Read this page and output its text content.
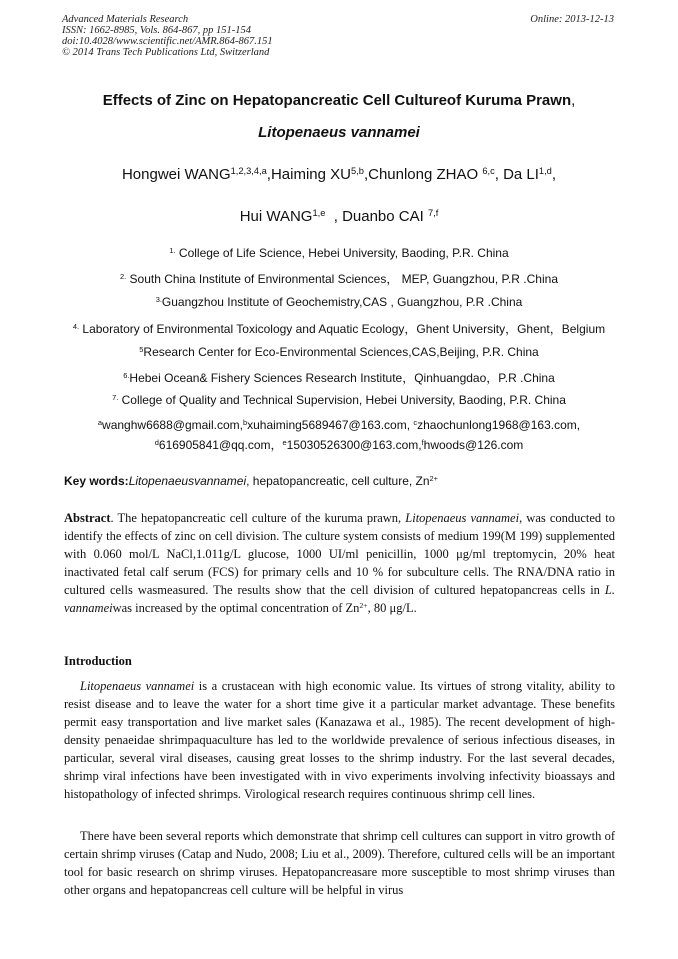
Advanced Materials Research
ISSN: 1662-8985, Vols. 864-867, pp 151-154
doi:10.4028/www.scientific.net/AMR.864-867.151
© 2014 Trans Tech Publications Ltd, Switzerland
Online: 2013-12-13
Effects of Zinc on Hepatopancreatic Cell Cultureof Kuruma Prawn,
Litopenaeus vannamei
Hongwei WANG$^{1,2,3,4,a}$,Haiming XU$^{5,b}$,Chunlong ZHAO $^{6,c}$, Da LI$^{1,d}$,
Hui WANG$^{1,e}$  , Duanbo CAI $^{7,f}$
$^{1.}$ College of Life Science, Hebei University, Baoding, P.R. China
$^{2.}$ South China Institute of Environmental Sciences， MEP, Guangzhou, P.R .China
$^{3.}$Guangzhou Institute of Geochemistry,CAS , Guangzhou, P.R .China
$^{4.}$ Laboratory of Environmental Toxicology and Aquatic Ecology，Ghent University，Ghent，Belgium
$^5$Research Center for Eco-Environmental Sciences,CAS,Beijing, P.R. China
$^{6.}$Hebei Ocean& Fishery Sciences Research Institute，Qinhuangdao，P.R .China
$^{7.}$ College of Quality and Technical Supervision, Hebei University, Baoding, P.R. China
$^a$wanghw6688@gmail.com,$^b$xuhaiming5689467@163.com, $^c$zhaochunlong1968@163.com,
$^d$616905841@qq.com，$^e$15030526300@163.com,$^f$hwoods@126.com
Key words:Litopenaeusvannamei, hepatopancreatic, cell culture, $Zn^{2+}$
Abstract. The hepatopancreatic cell culture of the kuruma prawn, Litopenaeus vannamei, was conducted to identify the effects of zinc on cell division. The culture system consists of medium 199(M 199) supplemented with 0.060 mol/L NaCl,1.011g/L glucose, 1000 UI/ml penicillin, 1000 μg/ml treptomycin, 20% heat inactivated fetal calf serum (FCS) for primary cells and 10 % for subculture cells. The RNA/DNA ratio in cultured cells wasmeasured. The results show that the cell division of cultured hepatopancreas cells in L. vannameiwas increased by the optimal concentration of $Zn^{2+}$, 80 μg/L.
Introduction
Litopenaeus vannamei is a crustacean with high economic value. Its virtues of strong vitality, ability to resist disease and to leave the water for a short time give it a particular market advantage. These benefits permit easy transportation and live market sales (Kanazawa et al., 1985). The recent development of high-density penaeidae shrimpaquaculture has led to the worldwide prevalence of serious infectious diseases, in particular, several viral diseases, causing great losses to the shrimp industry. For the last several decades, shrimp viral infections have been investigated with in vivo experiments involving infectivity bioassays and histopathology of infected shrimps. Virological research requires continuous shrimp cell lines.
There have been several reports which demonstrate that shrimp cell cultures can support in vitro growth of certain shrimp viruses (Catap and Nudo, 2008; Liu et al., 2009). Therefore, cultured cells will be an important tool for basic research on shrimp viruses. Hepatopancreasare more susceptible to most shrimp viruses than other organs and hepatopancreas cell culture will be helpful in virus
